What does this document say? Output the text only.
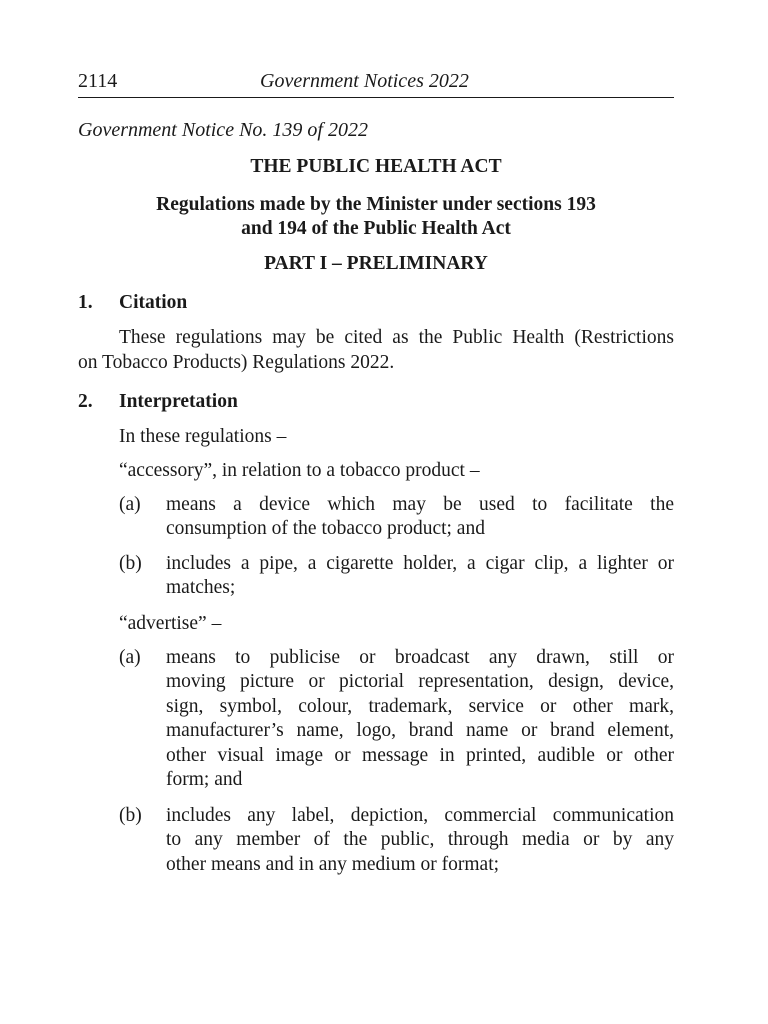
2114	Government Notices 2022
Government Notice No. 139 of 2022
THE PUBLIC HEALTH ACT
Regulations made by the Minister under sections 193
and 194 of the Public Health Act
PART I – PRELIMINARY
1. Citation
These regulations may be cited as the Public Health (Restrictions
on Tobacco Products) Regulations 2022.
2. Interpretation
In these regulations –
“accessory”, in relation to a tobacco product –
(a) means a device which may be used to facilitate the
consumption of the tobacco product; and
(b) includes a pipe, a cigarette holder, a cigar clip, a lighter or
matches;
“advertise” –
(a) means to publicise or broadcast any drawn, still or
moving picture or pictorial representation, design, device,
sign, symbol, colour, trademark, service or other mark,
manufacturer’s name, logo, brand name or brand element,
other visual image or message in printed, audible or other
form; and
(b) includes any label, depiction, commercial communication
to any member of the public, through media or by any
other means and in any medium or format;
